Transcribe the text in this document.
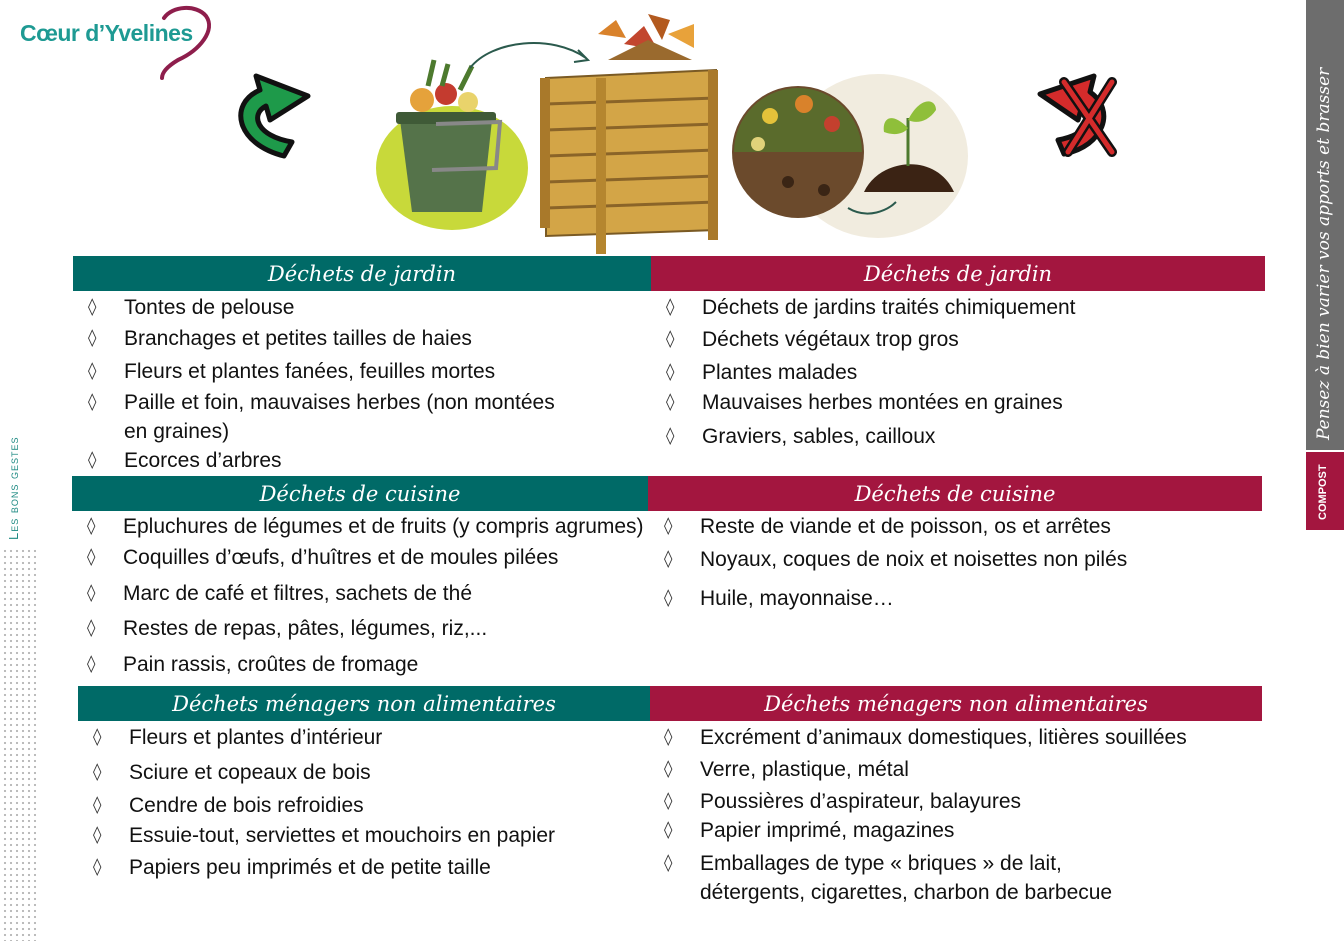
Cœur d’Yvelines
Les bons gestes
Pensez à bien varier vos apports et brasser
COMPOST
Déchets de jardin
◊ Tontes de pelouse
◊ Branchages et petites tailles de haies
◊ Fleurs et plantes fanées, feuilles mortes
◊ Paille et foin, mauvaises herbes (non montées en graines)
◊ Ecorces d’arbres
Déchets de jardin
◊ Déchets de jardins traités chimiquement
◊ Déchets végétaux trop gros
◊ Plantes malades
◊ Mauvaises herbes montées en graines
◊ Graviers, sables, cailloux
Déchets de cuisine
◊ Epluchures de légumes et de fruits (y compris agrumes)
◊ Coquilles d’œufs, d’huîtres et de moules pilées
◊ Marc de café et filtres, sachets de thé
◊ Restes de repas, pâtes, légumes, riz,...
◊ Pain rassis, croûtes de fromage
Déchets de cuisine
◊ Reste de viande et de poisson, os et arrêtes
◊ Noyaux, coques de noix et noisettes non pilés
◊ Huile, mayonnaise…
Déchets ménagers non alimentaires
◊ Fleurs et plantes d’intérieur
◊ Sciure et copeaux de bois
◊ Cendre de bois refroidies
◊ Essuie-tout, serviettes et mouchoirs en papier
◊ Papiers peu imprimés et de petite taille
Déchets ménagers non alimentaires
◊ Excrément d’animaux domestiques, litières souillées
◊ Verre, plastique, métal
◊ Poussières d’aspirateur, balayures
◊ Papier imprimé, magazines
◊ Emballages de type « briques » de lait, détergents, cigarettes, charbon de barbecue
